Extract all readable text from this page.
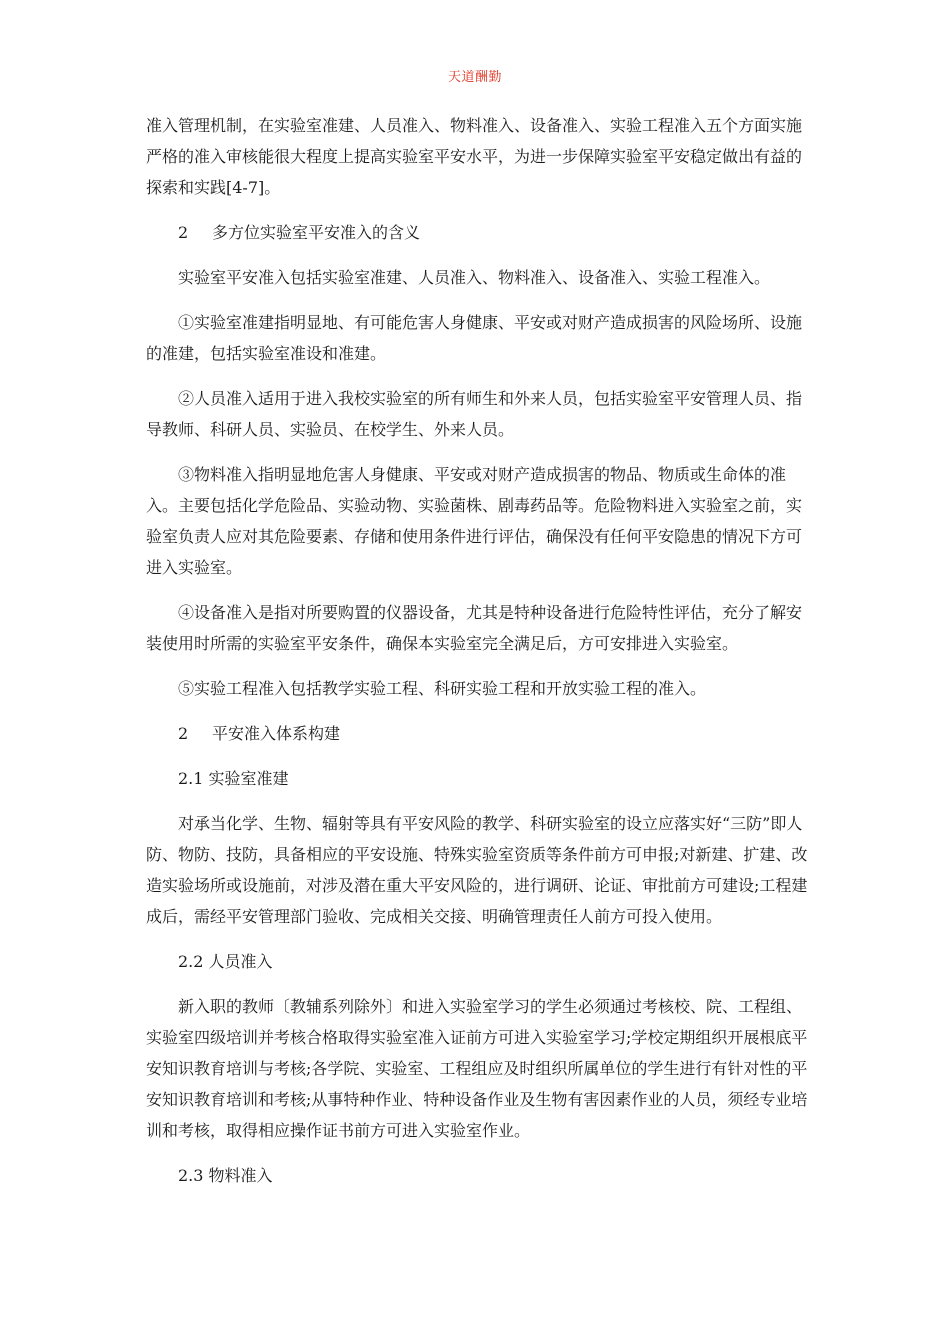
天道酬勤

准入管理机制，在实验室准建、人员准入、物料准入、设备准入、实验工程准入五个方面实施严格的准入审核能很大程度上提高实验室平安水平，为进一步保障实验室平安稳定做出有益的探索和实践[4-7]。

2 多方位实验室平安准入的含义

实验室平安准入包括实验室准建、人员准入、物料准入、设备准入、实验工程准入。

①实验室准建指明显地、有可能危害人身健康、平安或对财产造成损害的风险场所、设施的准建，包括实验室准设和准建。

②人员准入适用于进入我校实验室的所有师生和外来人员，包括实验室平安管理人员、指导教师、科研人员、实验员、在校学生、外来人员。

③物料准入指明显地危害人身健康、平安或对财产造成损害的物品、物质或生命体的准入。主要包括化学危险品、实验动物、实验菌株、剧毒药品等。危险物料进入实验室之前，实验室负责人应对其危险要素、存储和使用条件进行评估，确保没有任何平安隐患的情况下方可进入实验室。

④设备准入是指对所要购置的仪器设备，尤其是特种设备进行危险特性评估，充分了解安装使用时所需的实验室平安条件，确保本实验室完全满足后，方可安排进入实验室。

⑤实验工程准入包括教学实验工程、科研实验工程和开放实验工程的准入。

2 平安准入体系构建

2.1 实验室准建

对承当化学、生物、辐射等具有平安风险的教学、科研实验室的设立应落实好“三防”即人防、物防、技防，具备相应的平安设施、特殊实验室资质等条件前方可申报;对新建、扩建、改造实验场所或设施前，对涉及潜在重大平安风险的，进行调研、论证、审批前方可建设;工程建成后，需经平安管理部门验收、完成相关交接、明确管理责任人前方可投入使用。

2.2 人员准入

新入职的教师〔教辅系列除外〕和进入实验室学习的学生必须通过考核校、院、工程组、实验室四级培训并考核合格取得实验室准入证前方可进入实验室学习;学校定期组织开展根底平安知识教育培训与考核;各学院、实验室、工程组应及时组织所属单位的学生进行有针对性的平安知识教育培训和考核;从事特种作业、特种设备作业及生物有害因素作业的人员，须经专业培训和考核，取得相应操作证书前方可进入实验室作业。

2.3 物料准入
